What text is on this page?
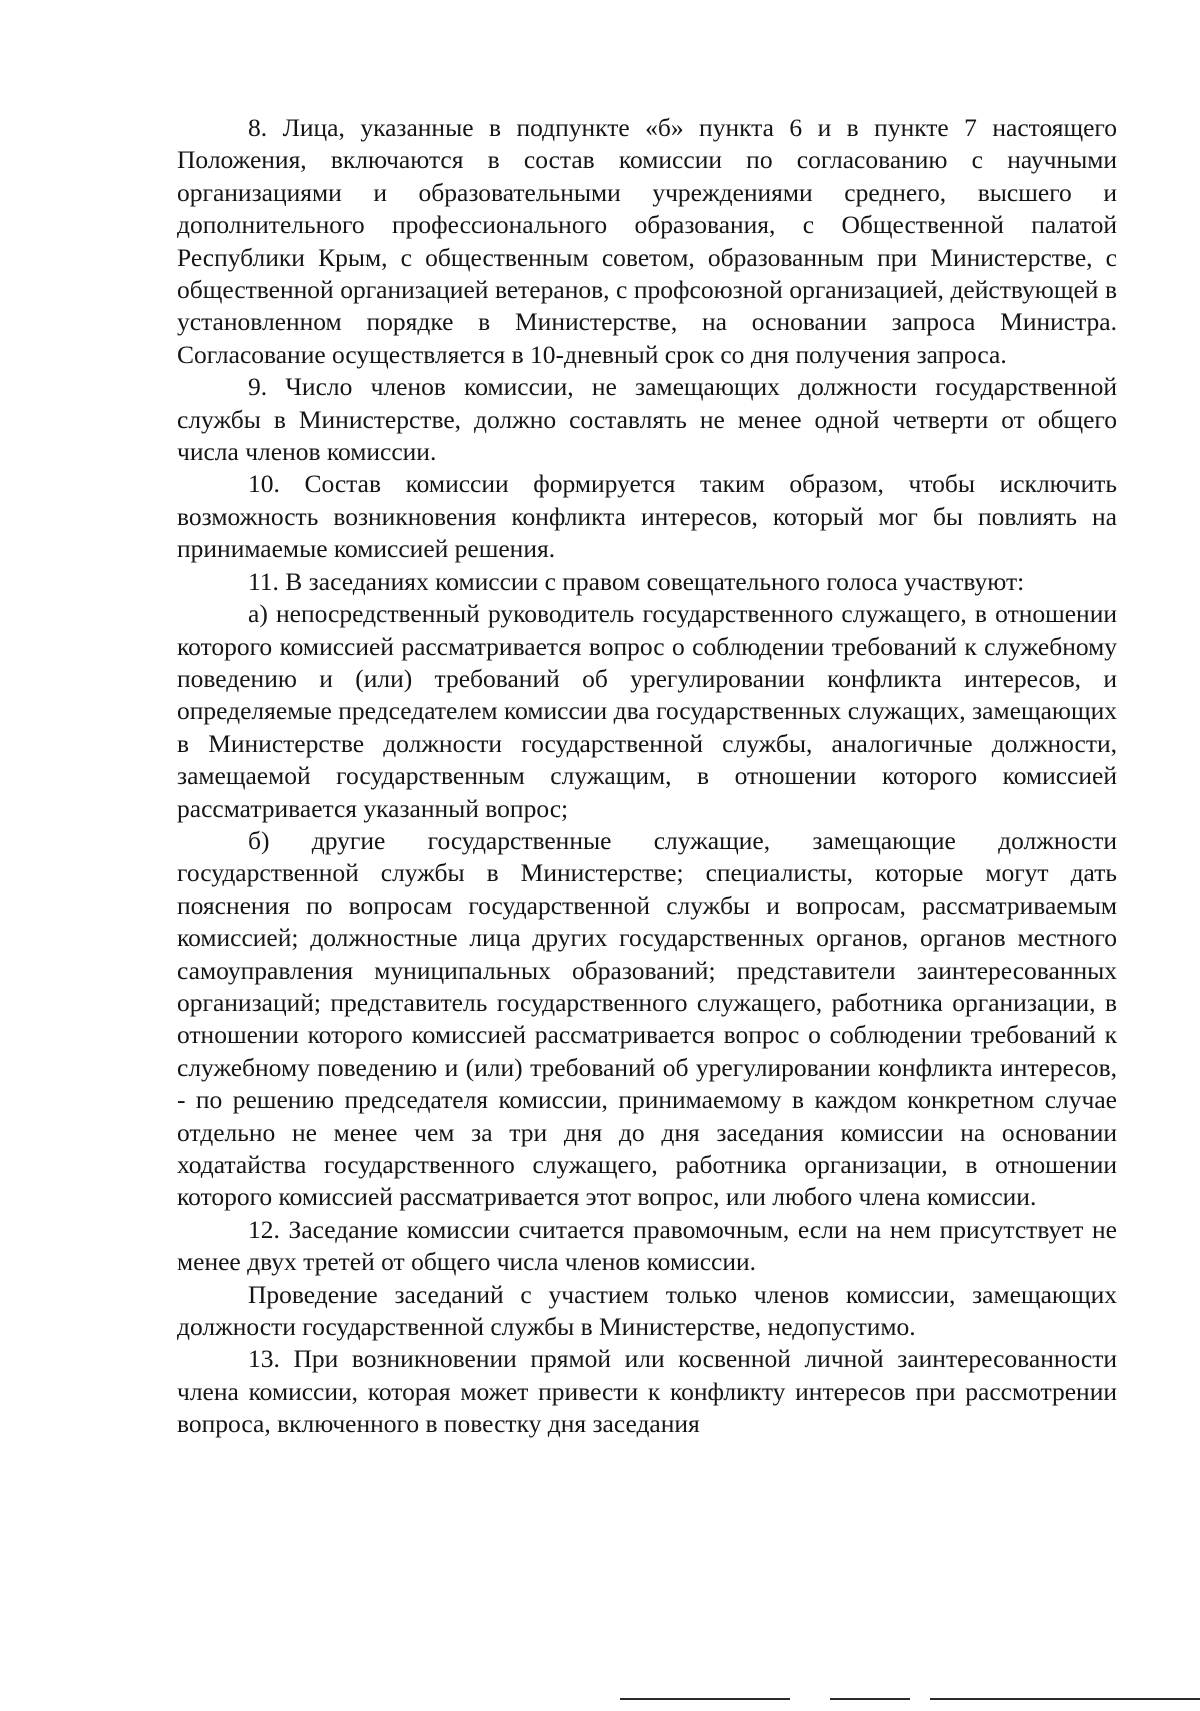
8. Лица, указанные в подпункте «б» пункта 6 и в пункте 7 настоящего Положения, включаются в состав комиссии по согласованию с научными организациями и образовательными учреждениями среднего, высшего и дополнительного профессионального образования, с Общественной палатой Республики Крым, с общественным советом, образованным при Министерстве, с общественной организацией ветеранов, с профсоюзной организацией, действующей в установленном порядке в Министерстве, на основании запроса Министра. Согласование осуществляется в 10-дневный срок со дня получения запроса.

9. Число членов комиссии, не замещающих должности государственной службы в Министерстве, должно составлять не менее одной четверти от общего числа членов комиссии.

10. Состав комиссии формируется таким образом, чтобы исключить возможность возникновения конфликта интересов, который мог бы повлиять на принимаемые комиссией решения.

11. В заседаниях комиссии с правом совещательного голоса участвуют:

а) непосредственный руководитель государственного служащего, в отношении которого комиссией рассматривается вопрос о соблюдении требований к служебному поведению и (или) требований об урегулировании конфликта интересов, и определяемые председателем комиссии два государственных служащих, замещающих в Министерстве должности государственной службы, аналогичные должности, замещаемой государственным служащим, в отношении которого комиссией рассматривается указанный вопрос;

б) другие государственные служащие, замещающие должности государственной службы в Министерстве; специалисты, которые могут дать пояснения по вопросам государственной службы и вопросам, рассматриваемым комиссией; должностные лица других государственных органов, органов местного самоуправления муниципальных образований; представители заинтересованных организаций; представитель государственного служащего, работника организации, в отношении которого комиссией рассматривается вопрос о соблюдении требований к служебному поведению и (или) требований об урегулировании конфликта интересов, - по решению председателя комиссии, принимаемому в каждом конкретном случае отдельно не менее чем за три дня до дня заседания комиссии на основании ходатайства государственного служащего, работника организации, в отношении которого комиссией рассматривается этот вопрос, или любого члена комиссии.

12. Заседание комиссии считается правомочным, если на нем присутствует не менее двух третей от общего числа членов комиссии.

Проведение заседаний с участием только членов комиссии, замещающих должности государственной службы в Министерстве, недопустимо.

13. При возникновении прямой или косвенной личной заинтересованности члена комиссии, которая может привести к конфликту интересов при рассмотрении вопроса, включенного в повестку дня заседания
